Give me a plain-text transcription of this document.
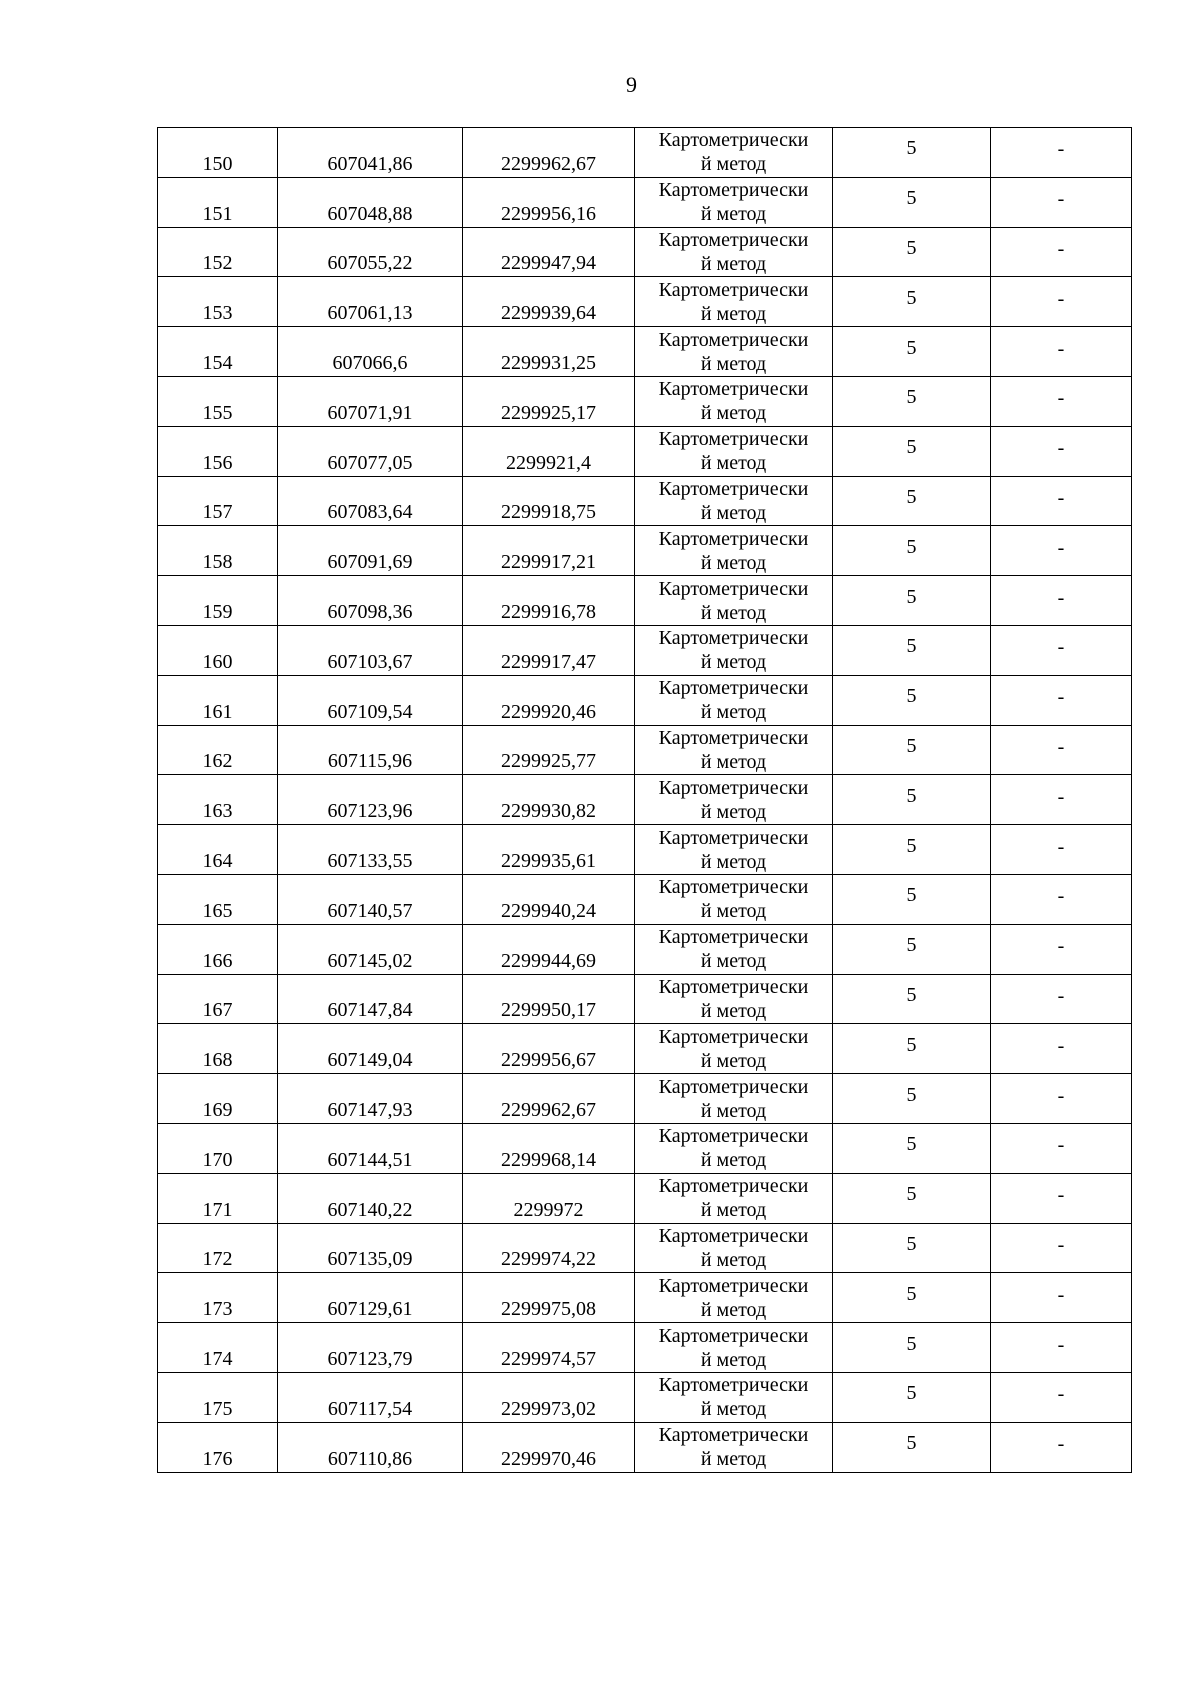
9
150	607041,86	2299962,67	Картометрически
й метод	5	-

151	607048,88	2299956,16	Картометрически
й метод	5	-

152	607055,22	2299947,94	Картометрически
й метод	5	-

153	607061,13	2299939,64	Картометрически
й метод	5	-

154	607066,6	2299931,25	Картометрически
й метод	5	-

155	607071,91	2299925,17	Картометрически
й метод	5	-

156	607077,05	2299921,4	Картометрически
й метод	5	-

157	607083,64	2299918,75	Картометрически
й метод	5	-

158	607091,69	2299917,21	Картометрически
й метод	5	-

159	607098,36	2299916,78	Картометрически
й метод	5	-

160	607103,67	2299917,47	Картометрически
й метод	5	-

161	607109,54	2299920,46	Картометрически
й метод	5	-

162	607115,96	2299925,77	Картометрически
й метод	5	-

163	607123,96	2299930,82	Картометрически
й метод	5	-

164	607133,55	2299935,61	Картометрически
й метод	5	-

165	607140,57	2299940,24	Картометрически
й метод	5	-

166	607145,02	2299944,69	Картометрически
й метод	5	-

167	607147,84	2299950,17	Картометрически
й метод	5	-

168	607149,04	2299956,67	Картометрически
й метод	5	-

169	607147,93	2299962,67	Картометрически
й метод	5	-

170	607144,51	2299968,14	Картометрически
й метод	5	-

171	607140,22	2299972	Картометрически
й метод	5	-

172	607135,09	2299974,22	Картометрически
й метод	5	-

173	607129,61	2299975,08	Картометрически
й метод	5	-

174	607123,79	2299974,57	Картометрически
й метод	5	-

175	607117,54	2299973,02	Картометрически
й метод	5	-

176	607110,86	2299970,46	Картометрически
й метод	5	-
